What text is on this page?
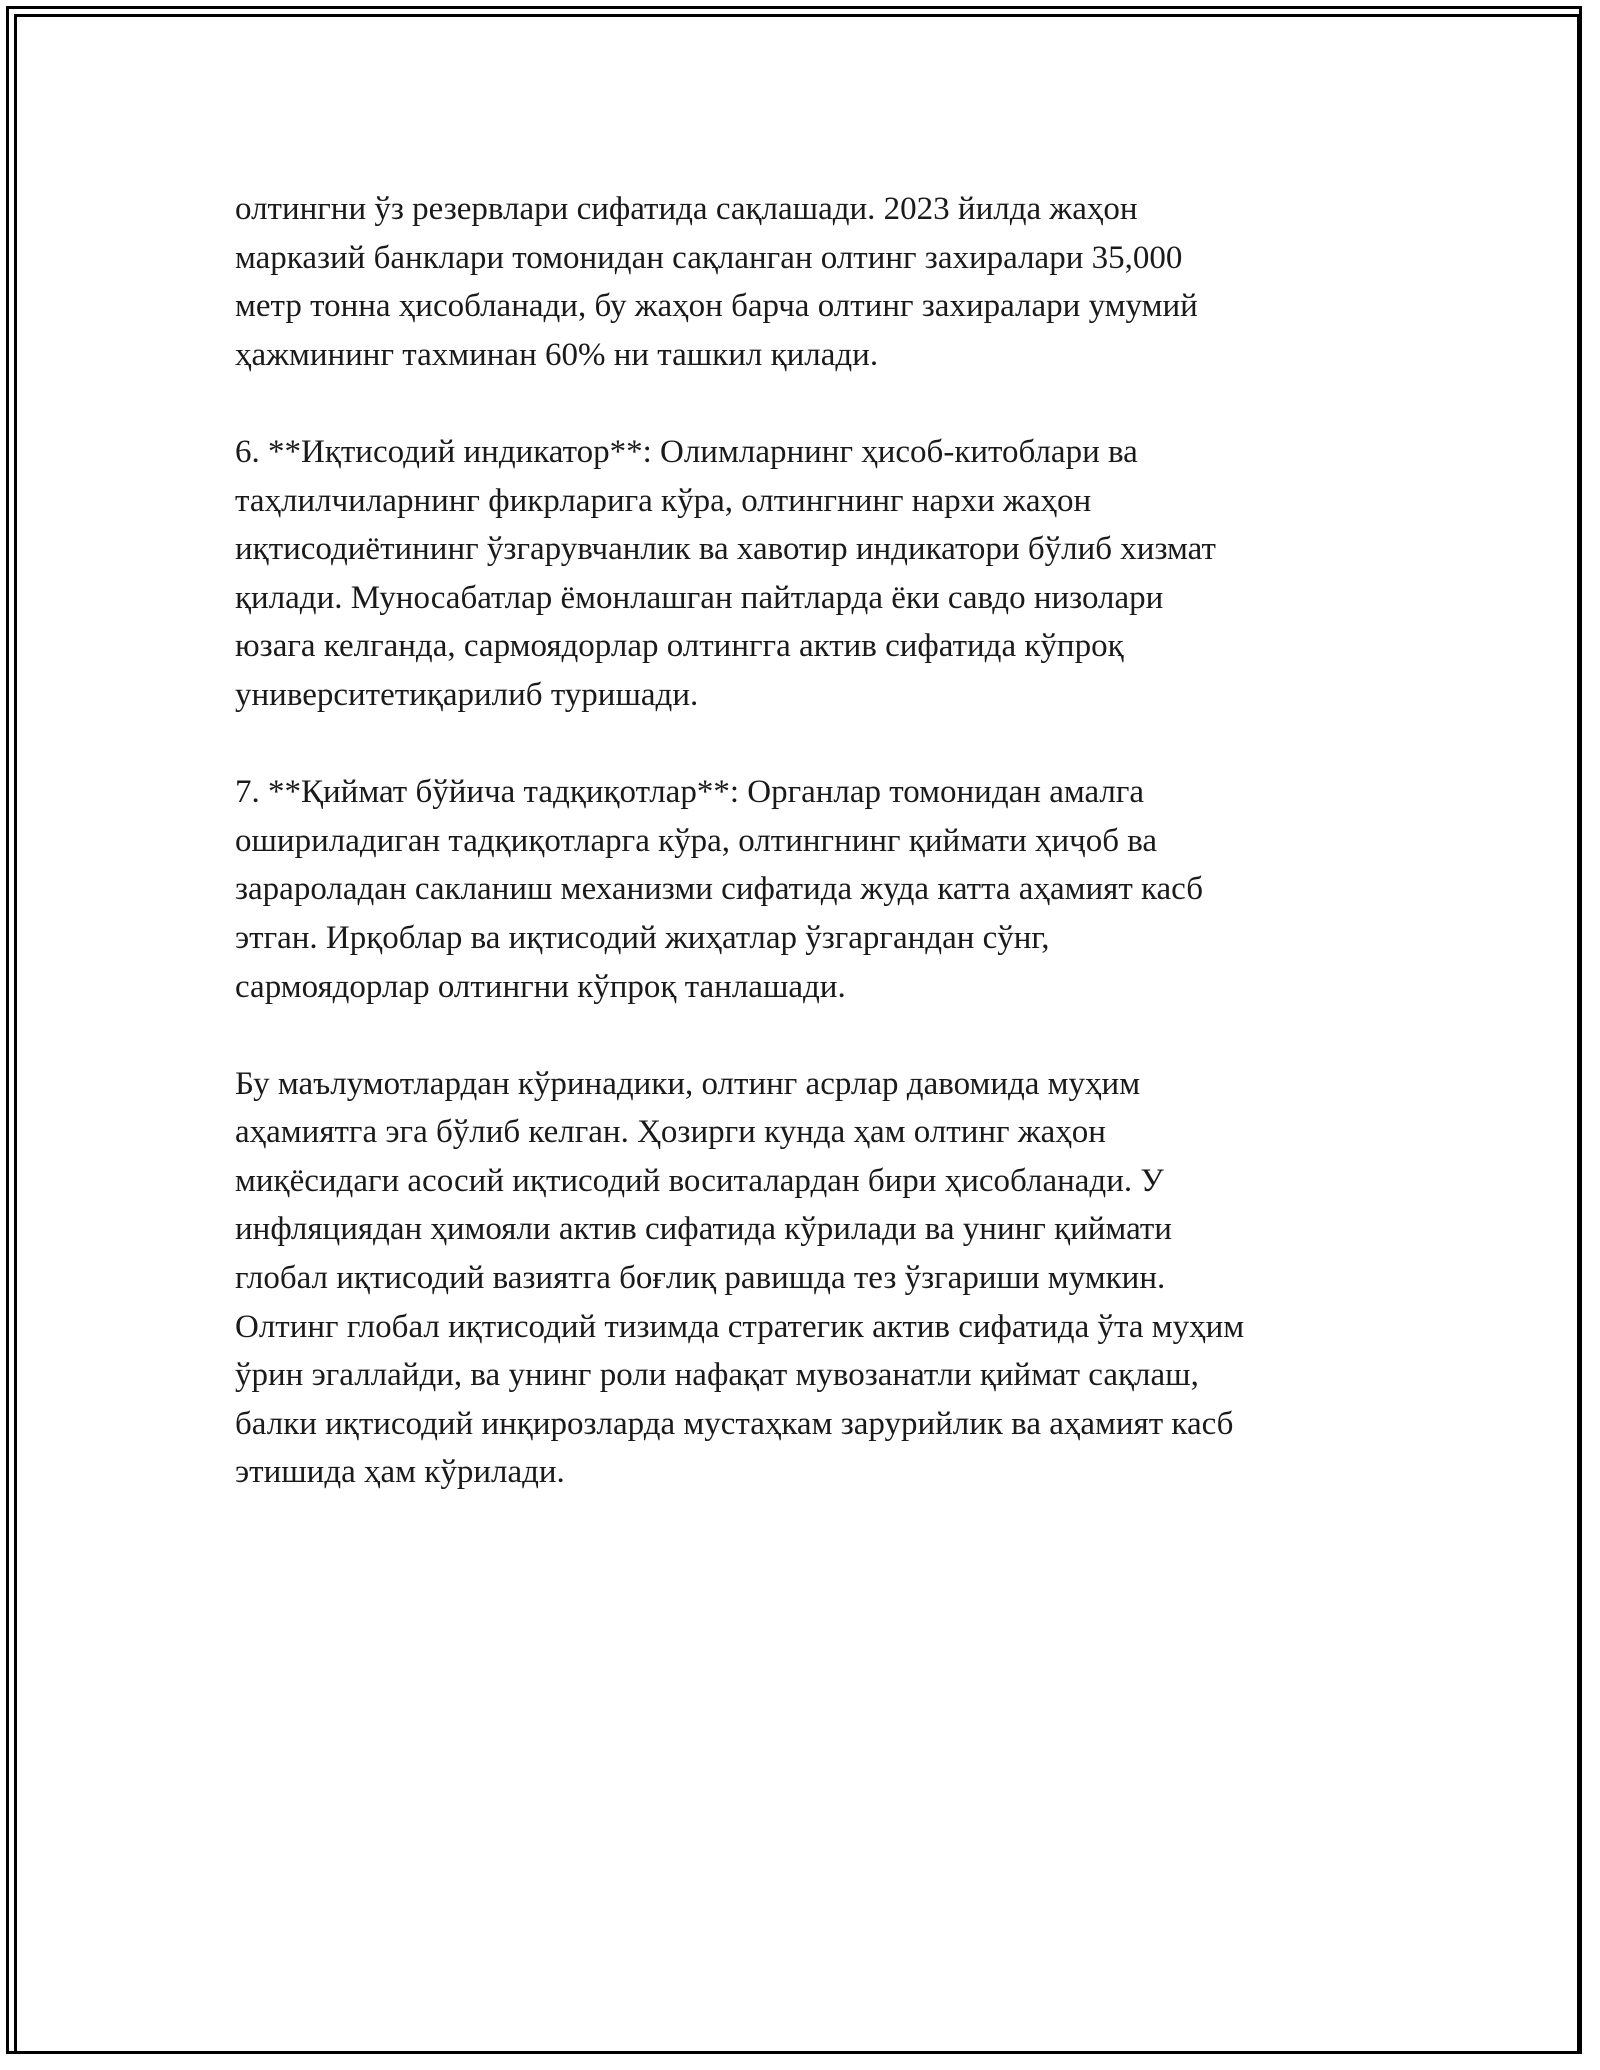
олтингни ўз резервлари сифатида сақлашади. 2023 йилда жаҳон
марказий банклари томонидан сақланган олтинг захиралари 35,000
метр тонна ҳисобланади, бу жаҳон барча олтинг захиралари умумий
ҳажмининг тахминан 60% ни ташкил қилади.

6. **Иқтисодий индикатор**: Олимларнинг ҳисоб-китоблари ва
таҳлилчиларнинг фикрларига кўра, олтингнинг нархи жаҳон
иқтисодиётининг ўзгарувчанлик ва хавотир индикатори бўлиб хизмат
қилади. Муносабатлар ёмонлашган пайтларда ёки савдо низолари
юзага келганда, сармоядорлар олтингга актив сифатида кўпроқ
университетиқарилиб туришади.

7. **Қиймат бўйича тадқиқотлар**: Органлар томонидан амалга
ошириладиган тадқиқотларга кўра, олтингнинг қиймати ҳиҷоб ва
зарароладан сакланиш механизми сифатида жуда катта аҳамият касб
этган. Ирқоблар ва иқтисодий жиҳатлар ўзгаргандан сўнг,
сармоядорлар олтингни кўпроқ танлашади.

Бу маълумотлардан кўринадики, олтинг асрлар давомида муҳим
аҳамиятга эга бўлиб келган. Ҳозирги кунда ҳам олтинг жаҳон
миқёсидаги асосий иқтисодий воситалардан бири ҳисобланади. У
инфляциядан ҳимояли актив сифатида кўрилади ва унинг қиймати
глобал иқтисодий вазиятга боғлиқ равишда тез ўзгариши мумкин.
Олтинг глобал иқтисодий тизимда стратегик актив сифатида ўта муҳим
ўрин эгаллайди, ва унинг роли нафақат мувозанатли қиймат сақлаш,
балки иқтисодий инқирозларда мустаҳкам зарурийлик ва аҳамият касб
этишида ҳам кўрилади.
